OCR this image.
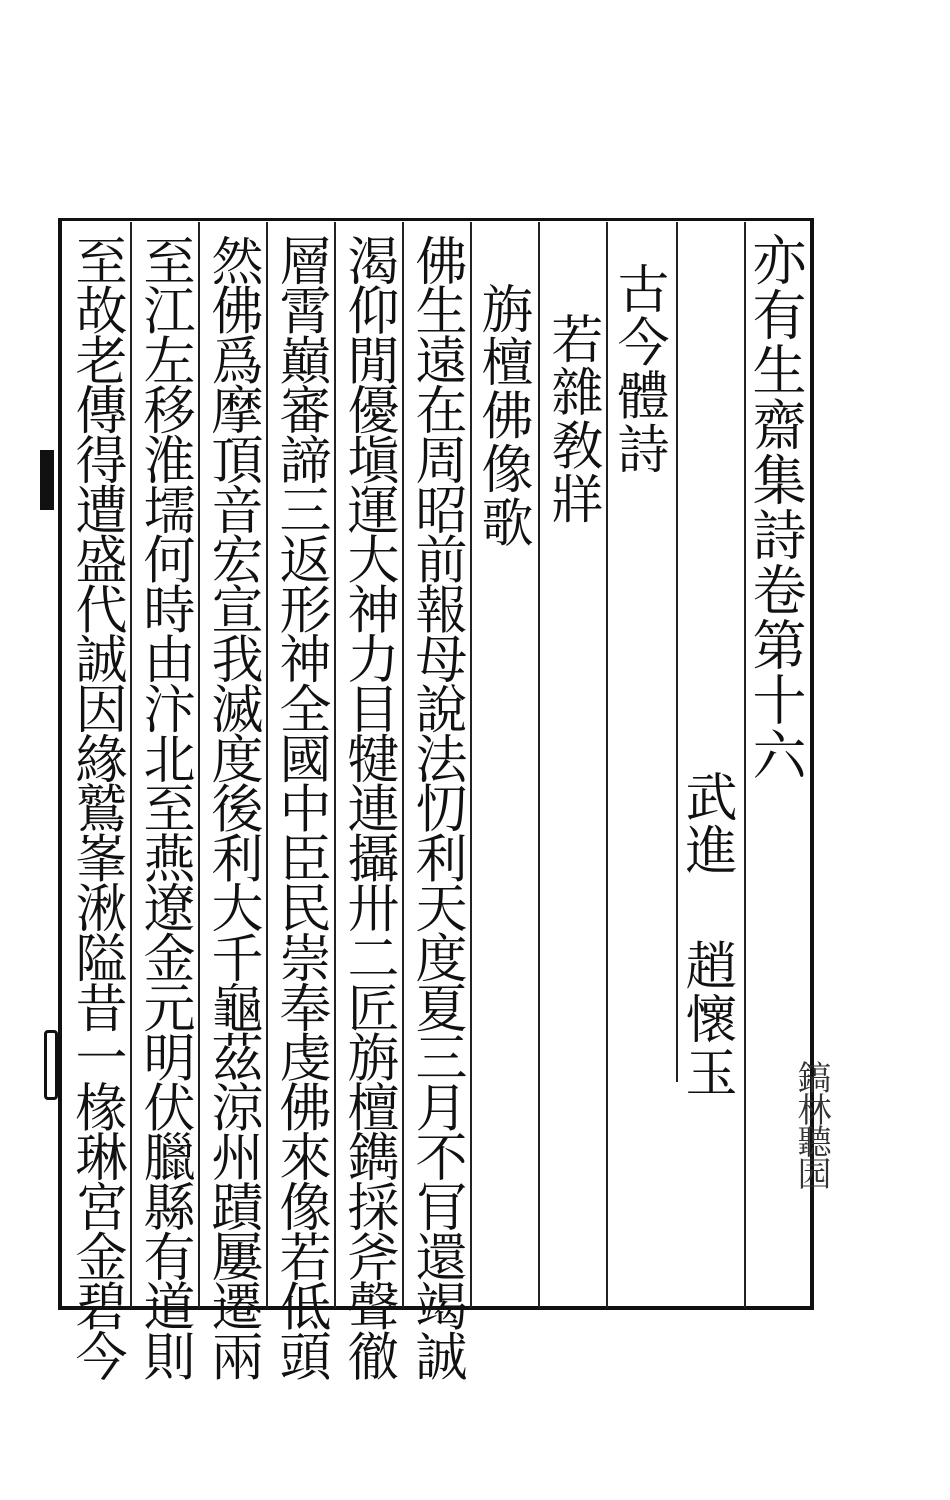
亦有生齋集詩卷第十六
武進趙懷玉
古今體詩
若雜敎牂
旃檀佛像歌
佛生遠在周昭前報母說法忉利天度夏三月不肎還竭誠
渴仰閒優塡運大神力目犍連攝卅二匠旃檀鐫採斧聲徹
層霄巔審諦三返形神全國中臣民崇奉虔佛來像若低頭
然佛爲摩頂音宏宣我滅度後利大千龜茲涼州蹟屢遷兩
至江左移淮壖何時由汴北至燕遼金元明伏臘縣有道則
至故老傳得遭盛代誠因緣鷲峯湫隘昔一椽琳宮金碧今	鎬林聽园
